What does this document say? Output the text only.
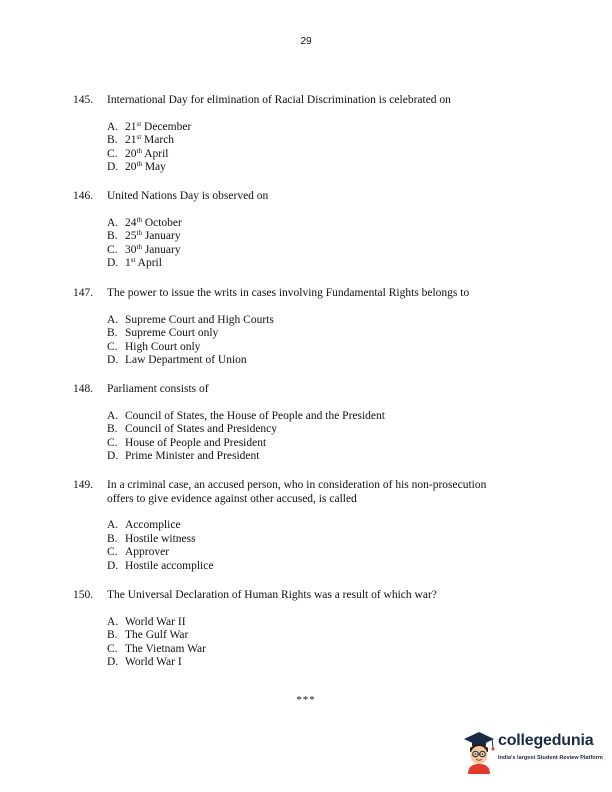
29
145. International Day for elimination of Racial Discrimination is celebrated on
A. 21st December
B. 21st March
C. 20th April
D. 20th May
146. United Nations Day is observed on
A. 24th October
B. 25th January
C. 30th January
D. 1st April
147. The power to issue the writs in cases involving Fundamental Rights belongs to
A. Supreme Court and High Courts
B. Supreme Court only
C. High Court only
D. Law Department of Union
148. Parliament consists of
A. Council of States, the House of People and the President
B. Council of States and Presidency
C. House of People and President
D. Prime Minister and President
149. In a criminal case, an accused person, who in consideration of his non-prosecution
offers to give evidence against other accused, is called
A. Accomplice
B. Hostile witness
C. Approver
D. Hostile accomplice
150. The Universal Declaration of Human Rights was a result of which war?
A. World War II
B. The Gulf War
C. The Vietnam War
D. World War I
***
collegedunia
India's largest Student Review Platform
